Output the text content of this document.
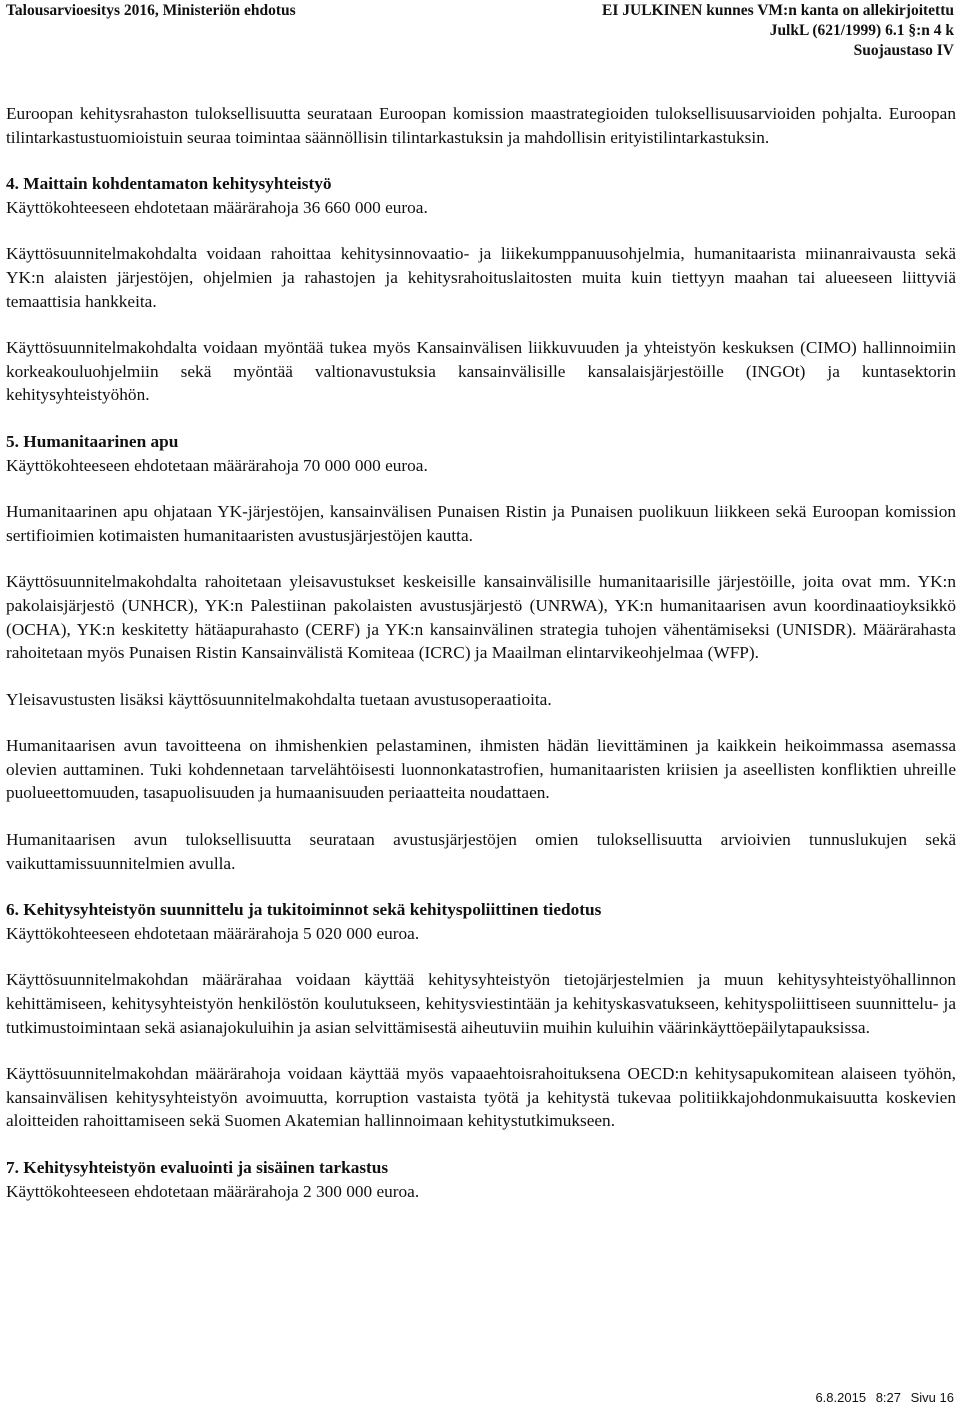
Talousarvioesitys 2016, Ministeriön ehdotus	EI JULKINEN kunnes VM:n kanta on allekirjoitettu
JulkL (621/1999) 6.1 §:n 4 k
Suojaustaso IV

Euroopan kehitysrahaston tuloksellisuutta seurataan Euroopan komission maastrategioiden tuloksellisuusarvioiden pohjalta. Euroopan tilintarkastustuomioistuin seuraa toimintaa säännöllisin tilintarkastuksin ja mahdollisin erityistilintarkastuksin.

4. Maittain kohdentamaton kehitysyhteistyö
Käyttökohteeseen ehdotetaan määrärahoja 36 660 000 euroa.

Käyttösuunnitelmakohdalta voidaan rahoittaa kehitysinnovaatio- ja liikekumppanuusohjelmia, humanitaarista miinanraivausta sekä YK:n alaisten järjestöjen, ohjelmien ja rahastojen ja kehitysrahoituslaitosten muita kuin tiettyyn maahan tai alueeseen liittyviä temaattisia hankkeita.

Käyttösuunnitelmakohdalta voidaan myöntää tukea myös Kansainvälisen liikkuvuuden ja yhteistyön keskuksen (CIMO) hallinnoimiin korkeakouluohjelmiin sekä myöntää valtionavustuksia kansainvälisille kansalaisjärjestöille (INGOt) ja kuntasektorin kehitysyhteistyöhön.

5. Humanitaarinen apu
Käyttökohteeseen ehdotetaan määrärahoja 70 000 000 euroa.

Humanitaarinen apu ohjataan YK-järjestöjen, kansainvälisen Punaisen Ristin ja Punaisen puolikuun liikkeen sekä Euroopan komission sertifioimien kotimaisten humanitaaristen avustusjärjestöjen kautta.

Käyttösuunnitelmakohdalta rahoitetaan yleisavustukset keskeisille kansainvälisille humanitaarisille järjestöille, joita ovat mm. YK:n pakolaisjärjestö (UNHCR), YK:n Palestiinan pakolaisten avustusjärjestö (UNRWA), YK:n humanitaarisen avun koordinaatioyksikkö (OCHA), YK:n keskitetty hätäapurahasto (CERF) ja YK:n kansainvälinen strategia tuhojen vähentämiseksi (UNISDR). Määrärahasta rahoitetaan myös Punaisen Ristin Kansainvälistä Komiteaa (ICRC) ja Maailman elintarvikeohjelmaa (WFP).

Yleisavustusten lisäksi käyttösuunnitelmakohdalta tuetaan avustusoperaatioita.

Humanitaarisen avun tavoitteena on ihmishenkien pelastaminen, ihmisten hädän lievittäminen ja kaikkein heikoimmassa asemassa olevien auttaminen. Tuki kohdennetaan tarvelähtöisesti luonnonkatastrofien, humanitaaristen kriisien ja aseellisten konfliktien uhreille puolueettomuuden, tasapuolisuuden ja humaanisuuden periaatteita noudattaen.

Humanitaarisen avun tuloksellisuutta seurataan avustusjärjestöjen omien tuloksellisuutta arvioivien tunnuslukujen sekä vaikuttamissuunnitelmien avulla.

6. Kehitysyhteistyön suunnittelu ja tukitoiminnot sekä kehityspoliittinen tiedotus
Käyttökohteeseen ehdotetaan määrärahoja 5 020 000 euroa.

Käyttösuunnitelmakohdan määrärahaa voidaan käyttää kehitysyhteistyön tietojärjestelmien ja muun kehitysyhteistyöhallinnon kehittämiseen, kehitysyhteistyön henkilöstön koulutukseen, kehitysviestintään ja kehityskasvatukseen, kehityspoliittiseen suunnittelu- ja tutkimustoimintaan sekä asianajokuluihin ja asian selvittämisestä aiheutuviin muihin kuluihin väärinkäyttöepäilytapauksissa.

Käyttösuunnitelmakohdan määrärahoja voidaan käyttää myös vapaaehtoisrahoituksena OECD:n kehitysapukomitean alaiseen työhön, kansainvälisen kehitysyhteistyön avoimuutta, korruption vastaista työtä ja kehitystä tukevaa politiikkajohdonmukaisuutta koskevien aloitteiden rahoittamiseen sekä Suomen Akatemian hallinnoimaan kehitystutkimukseen.

7. Kehitysyhteistyön evaluointi ja sisäinen tarkastus
Käyttökohteeseen ehdotetaan määrärahoja 2 300 000 euroa.

6.8.2015 8:27 Sivu 16
